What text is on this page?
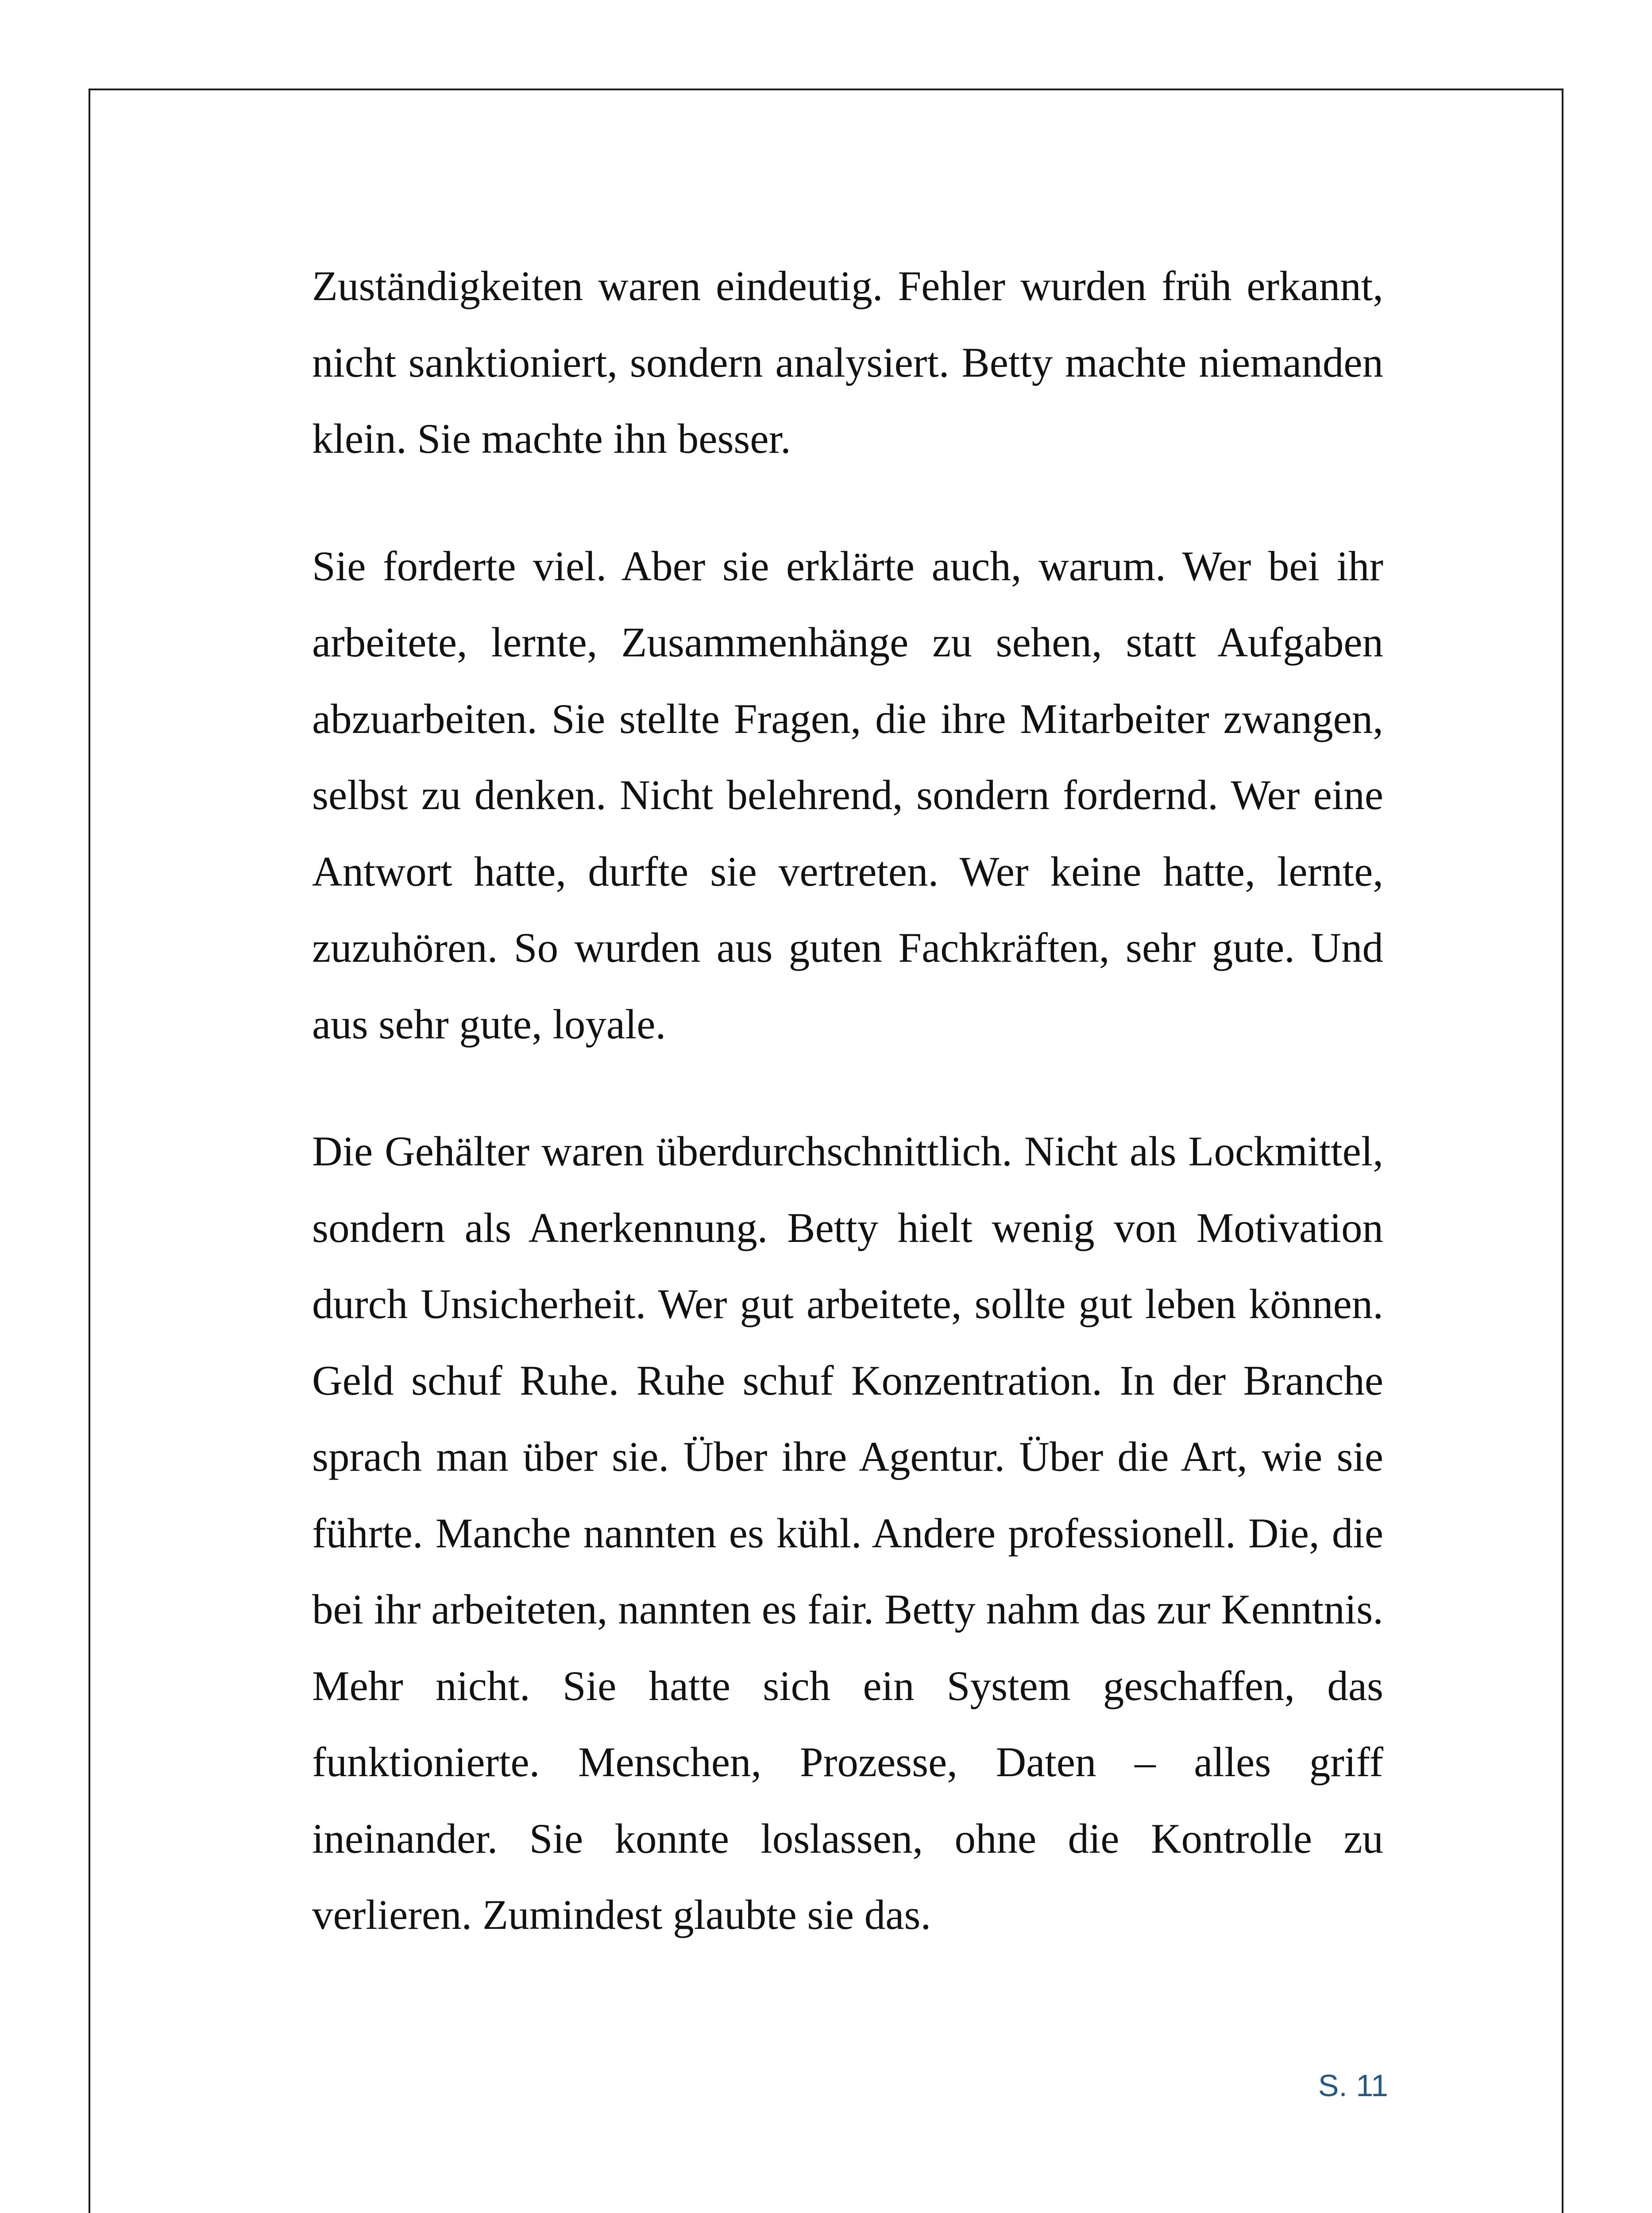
Zuständigkeiten waren eindeutig. Fehler wurden früh erkannt, nicht sanktioniert, sondern analysiert. Betty machte niemanden klein. Sie machte ihn besser.

Sie forderte viel. Aber sie erklärte auch, warum. Wer bei ihr arbeitete, lernte, Zusammenhänge zu sehen, statt Aufgaben abzuarbeiten. Sie stellte Fragen, die ihre Mitarbeiter zwangen, selbst zu denken. Nicht belehrend, sondern fordernd. Wer eine Antwort hatte, durfte sie vertreten. Wer keine hatte, lernte, zuzuhören. So wurden aus guten Fachkräften, sehr gute. Und aus sehr gute, loyale.

Die Gehälter waren überdurchschnittlich. Nicht als Lockmittel, sondern als Anerkennung. Betty hielt wenig von Motivation durch Unsicherheit. Wer gut arbeitete, sollte gut leben können. Geld schuf Ruhe. Ruhe schuf Konzentration. In der Branche sprach man über sie. Über ihre Agentur. Über die Art, wie sie führte. Manche nannten es kühl. Andere professionell. Die, die bei ihr arbeiteten, nannten es fair. Betty nahm das zur Kenntnis. Mehr nicht. Sie hatte sich ein System geschaffen, das funktionierte. Menschen, Prozesse, Daten – alles griff ineinander. Sie konnte loslassen, ohne die Kontrolle zu verlieren. Zumindest glaubte sie das.

S. 11
